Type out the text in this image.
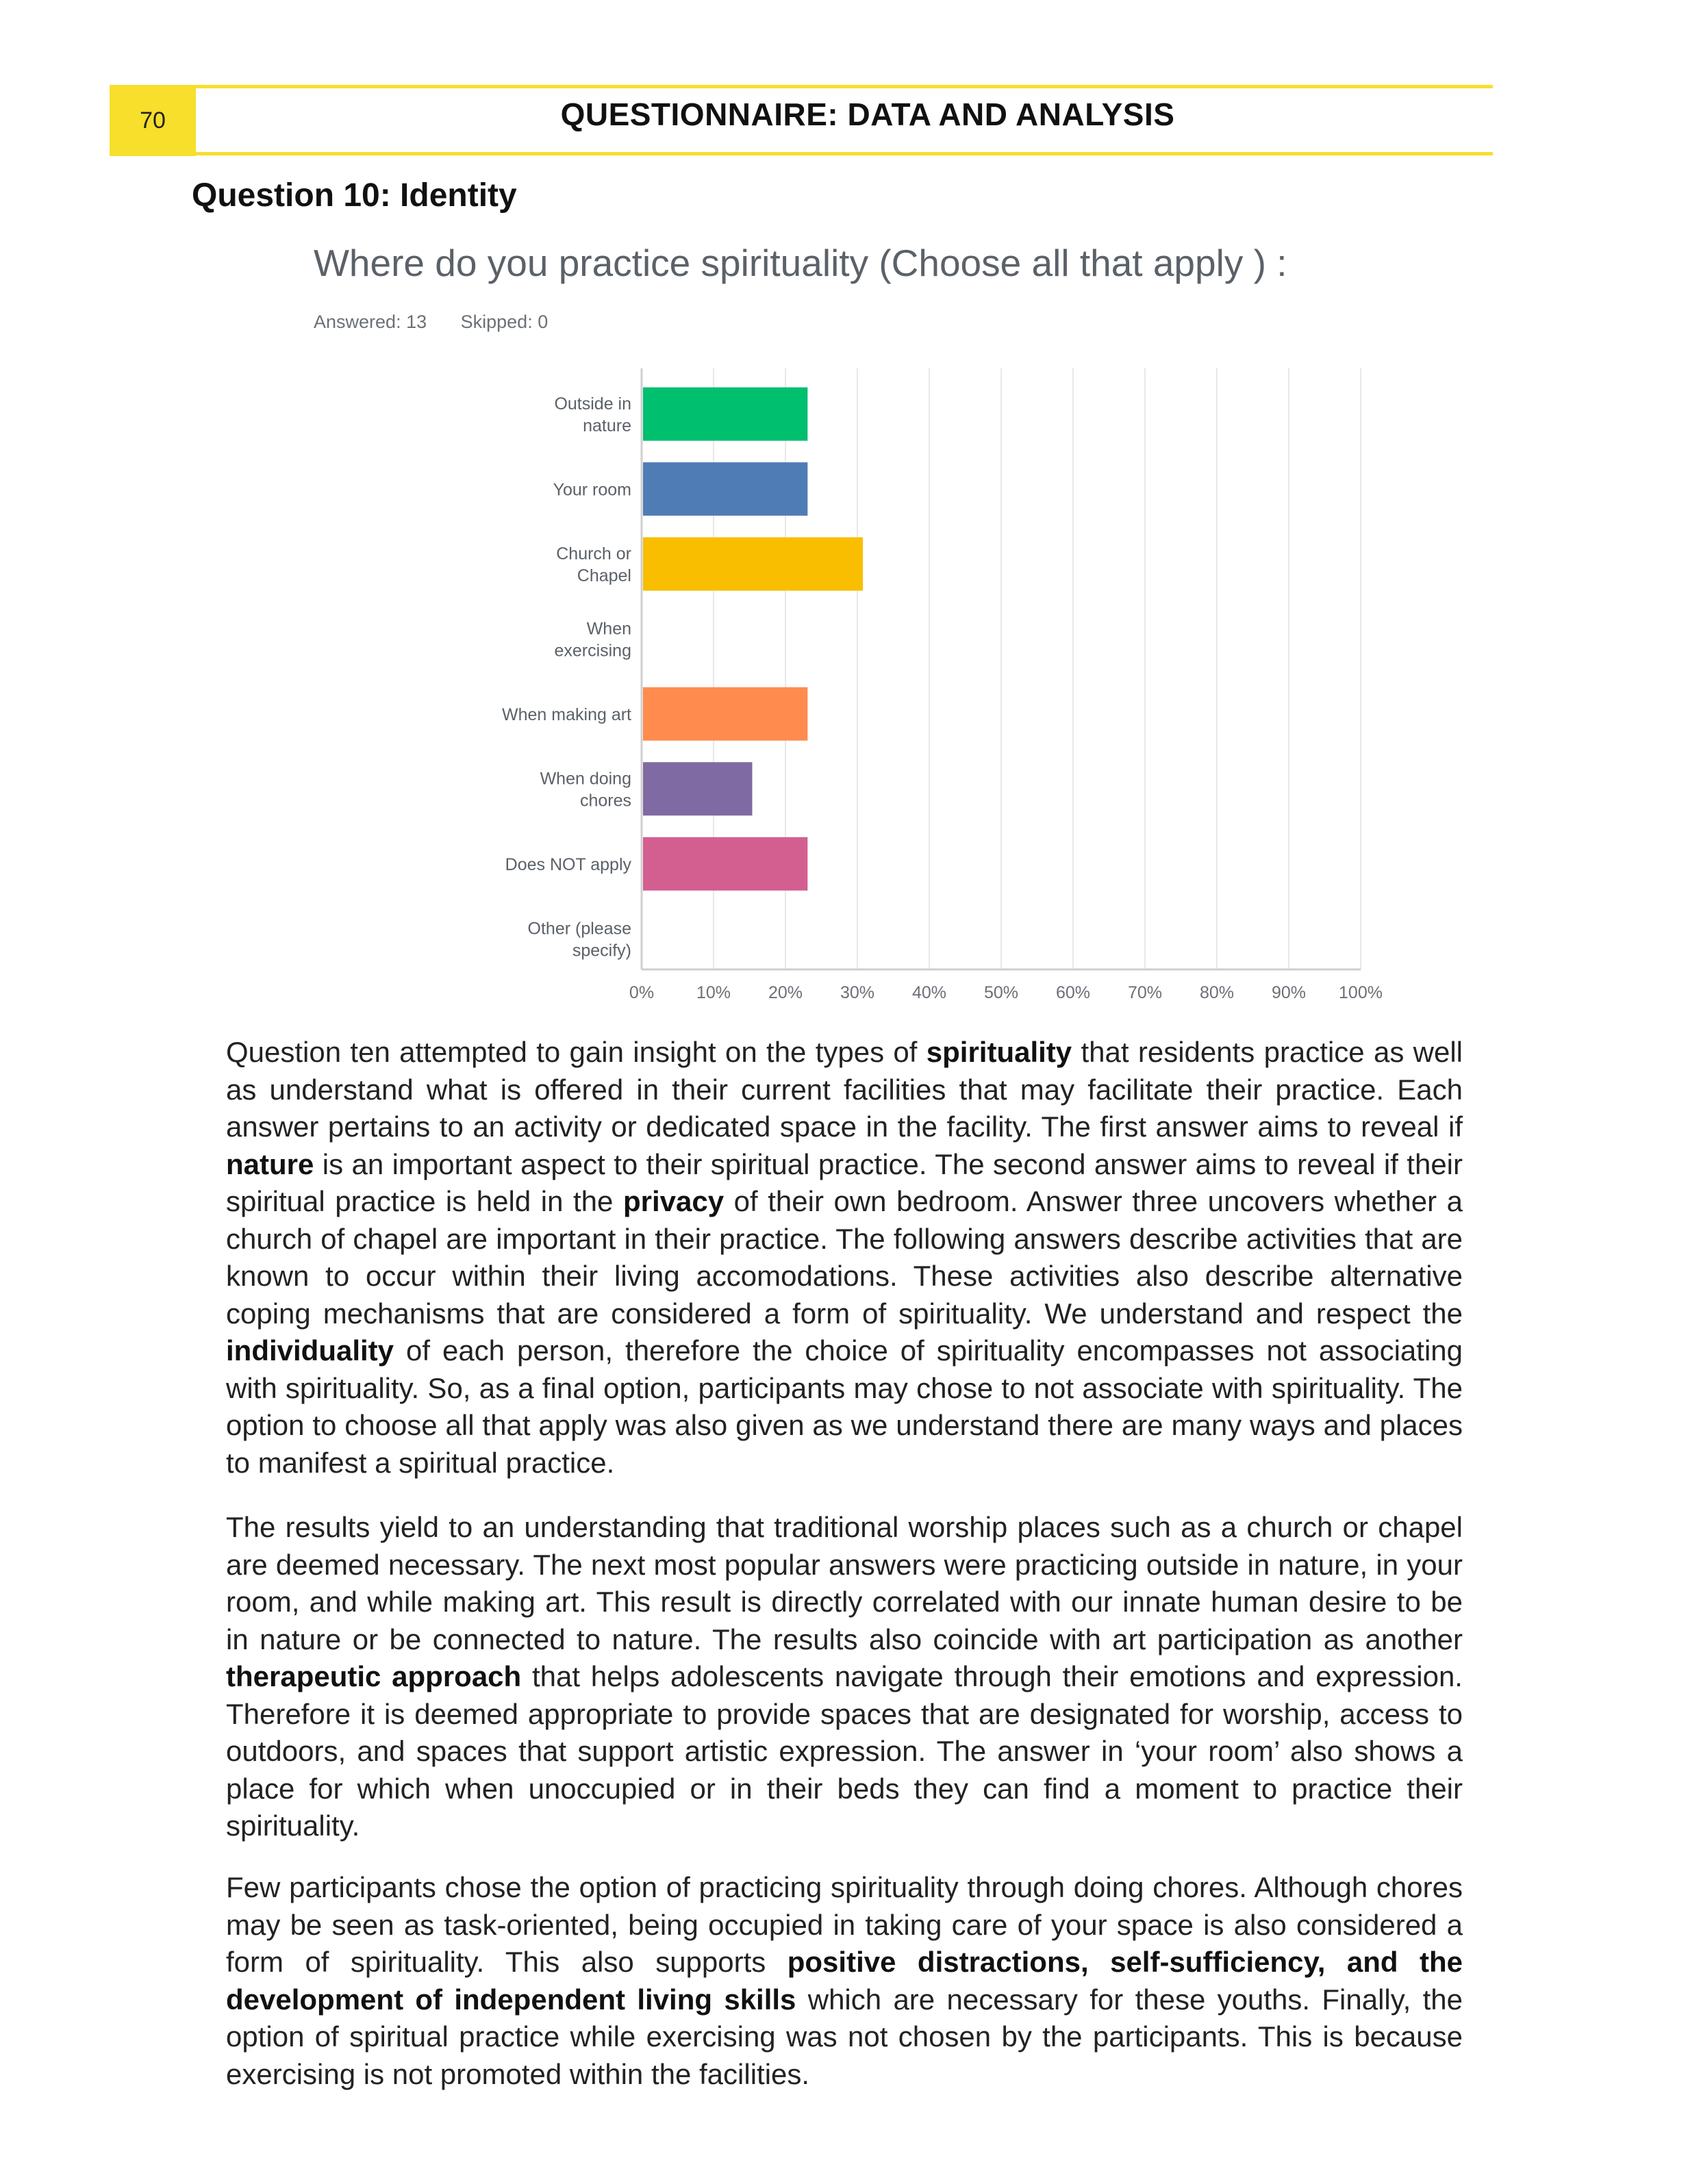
70	QUESTIONNAIRE: DATA AND ANALYSIS
Question 10: Identity
Where do you practice spirituality (Choose all that apply ) :
Answered: 13 Skipped: 0
0% 10% 20% 30% 40% 50% 60% 70% 80% 90% 100%
Outside in nature
Your room
Church or Chapel
When exercising
When making art
When doing chores
Does NOT apply
Other (please specify)

Question ten attempted to gain insight on the types of spirituality that residents practice as well as understand what is offered in their current facilities that may facilitate their practice. Each answer pertains to an activity or dedicated space in the facility. The first answer aims to reveal if nature is an important aspect to their spiritual practice. The second answer aims to reveal if their spiritual practice is held in the privacy of their own bedroom. Answer three uncovers whether a church of chapel are important in their practice. The following answers describe activities that are known to occur within their living accomodations. These activities also describe alternative coping mechanisms that are considered a form of spirituality. We understand and respect the individuality of each person, therefore the choice of spirituality encompasses not associating with spirituality. So, as a final option, participants may chose to not associate with spirituality. The option to choose all that apply was also given as we understand there are many ways and places to manifest a spiritual practice.

The results yield to an understanding that traditional worship places such as a church or chapel are deemed necessary. The next most popular answers were practicing outside in nature, in your room, and while making art. This result is directly correlated with our innate human desire to be in nature or be connected to nature. The results also coincide with art participation as another therapeutic approach that helps adolescents navigate through their emotions and expression. Therefore it is deemed appropriate to provide spaces that are designated for worship, access to outdoors, and spaces that support artistic expression. The answer in ‘your room’ also shows a place for which when unoccupied or in their beds they can find a moment to practice their spirituality.

Few participants chose the option of practicing spirituality through doing chores. Although chores may be seen as task-oriented, being occupied in taking care of your space is also considered a form of spirituality. This also supports positive distractions, self-sufficiency, and the development of independent living skills which are necessary for these youths. Finally, the option of spiritual practice while exercising was not chosen by the participants. This is because exercising is not promoted within the facilities.
